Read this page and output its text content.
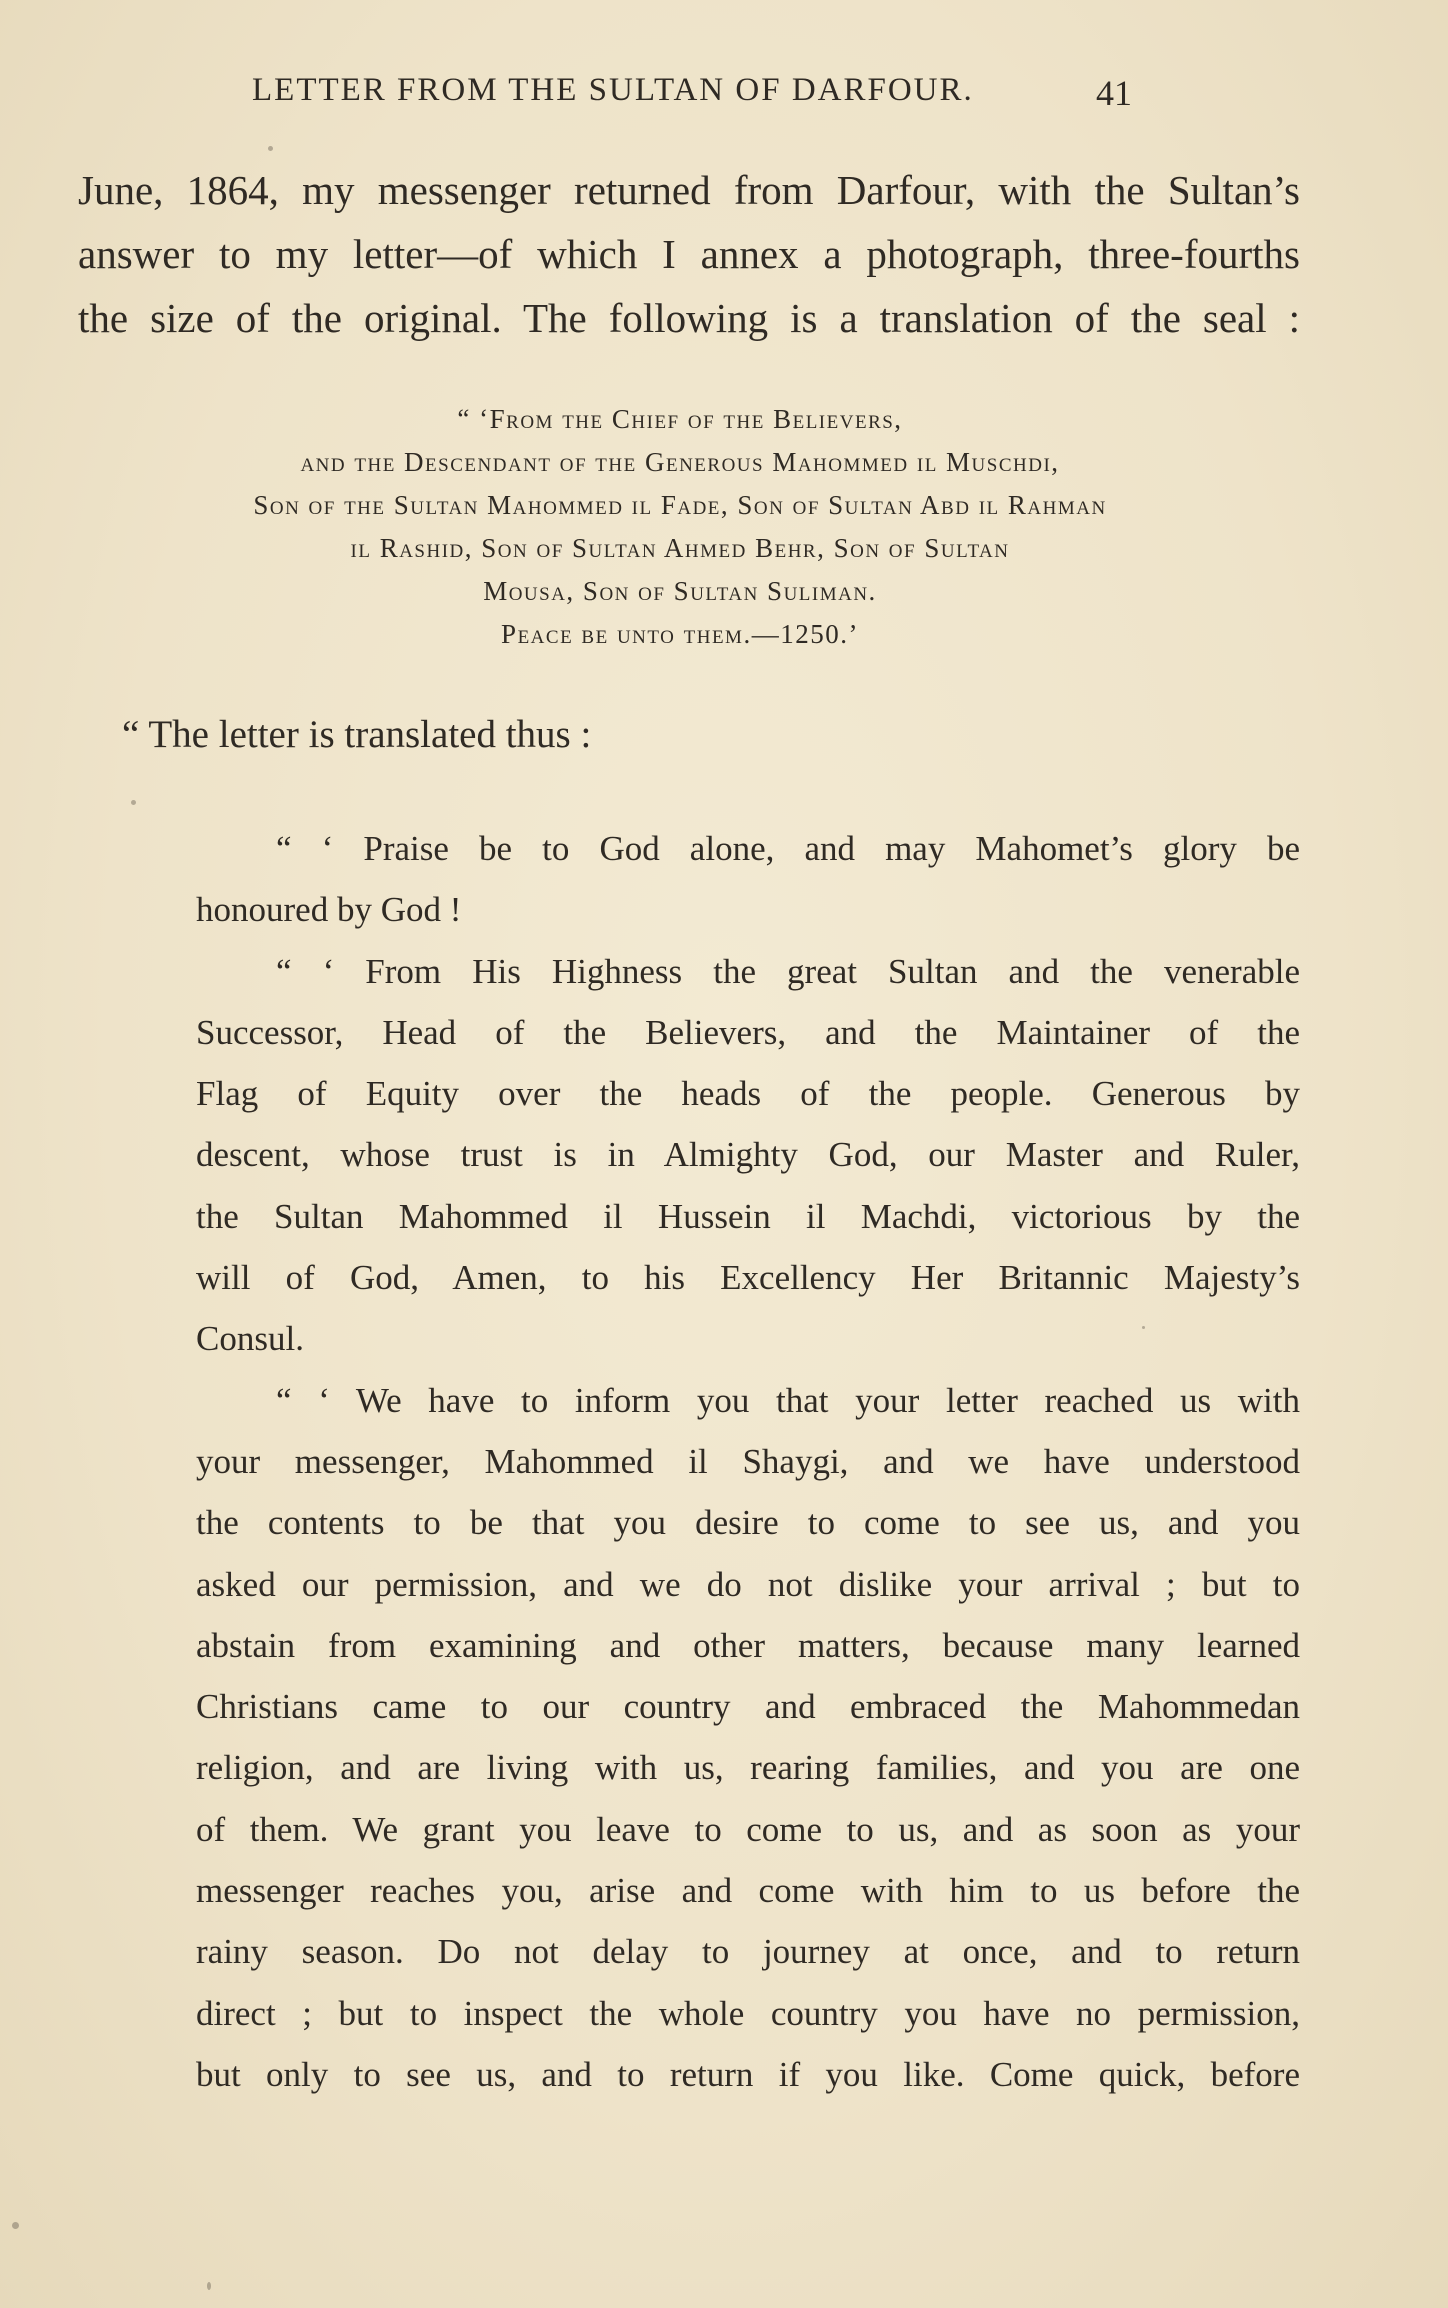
LETTER FROM THE SULTAN OF DARFOUR.	41

June, 1864, my messenger returned from Darfour, with the Sultan’s

answer to my letter—of which I annex a photograph, three-fourths

the size of the original. The following is a translation of the seal :

“ ‘From the Chief of the Believers,
and the Descendant of the Generous Mahommed il Muschdi,
Son of the Sultan Mahommed il Fade, Son of Sultan Abd il Rahman
il Rashid, Son of Sultan Ahmed Behr, Son of Sultan
Mousa, Son of Sultan Suliman.
Peace be unto them.—1250.’
“ The letter is translated thus :
“ ‘ Praise be to God alone, and may Mahomet’s glory be
honoured by God !
“ ‘ From His Highness the great Sultan and the venerable
Successor, Head of the Believers, and the Maintainer of the
Flag of Equity over the heads of the people. Generous by
descent, whose trust is in Almighty God, our Master and Ruler,
the Sultan Mahommed il Hussein il Machdi, victorious by the
will of God, Amen, to his Excellency Her Britannic Majesty’s
Consul.
“ ‘ We have to inform you that your letter reached us with
your messenger, Mahommed il Shaygi, and we have understood
the contents to be that you desire to come to see us, and you
asked our permission, and we do not dislike your arrival ; but to
abstain from examining and other matters, because many learned
Christians came to our country and embraced the Mahommedan
religion, and are living with us, rearing families, and you are one
of them. We grant you leave to come to us, and as soon as your
messenger reaches you, arise and come with him to us before the
rainy season. Do not delay to journey at once, and to return
direct ; but to inspect the whole country you have no permission,
but only to see us, and to return if you like. Come quick, before
